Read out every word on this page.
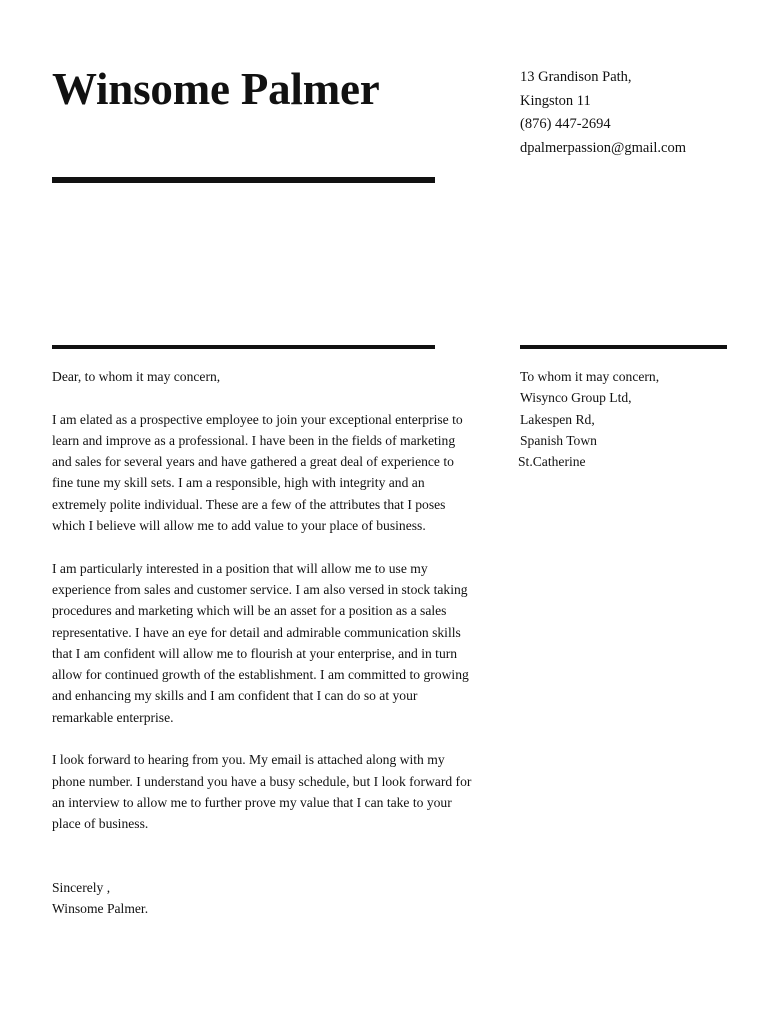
Winsome Palmer	13 Grandison Path,
Kingston 11
(876) 447-2694
dpalmerpassion@gmail.com

Dear, to whom it may concern,

I am elated as a prospective employee to join your exceptional enterprise to learn and improve as a professional. I have been in the fields of marketing and sales for several years and have gathered a great deal of experience to fine tune my skill sets. I am a responsible, high with integrity and an extremely polite individual. These are a few of the attributes that I poses which I believe will allow me to add value to your place of business.

I am particularly interested in a position that will allow me to use my experience from sales and customer service. I am also versed in stock taking procedures and marketing which will be an asset for a position as a sales representative. I have an eye for detail and admirable communication skills that I am confident will allow me to flourish at your enterprise, and in turn allow for continued growth of the establishment. I am committed to growing and enhancing my skills and I am confident that I can do so at your remarkable enterprise.

I look forward to hearing from you. My email is attached along with my phone number. I understand you have a busy schedule, but I look forward for an interview to allow me to further prove my value that I can take to your place of business.

Sincerely ,
Winsome Palmer.
To whom it may concern,
Wisynco Group Ltd,
Lakespen Rd,
Spanish Town
St.Catherine
